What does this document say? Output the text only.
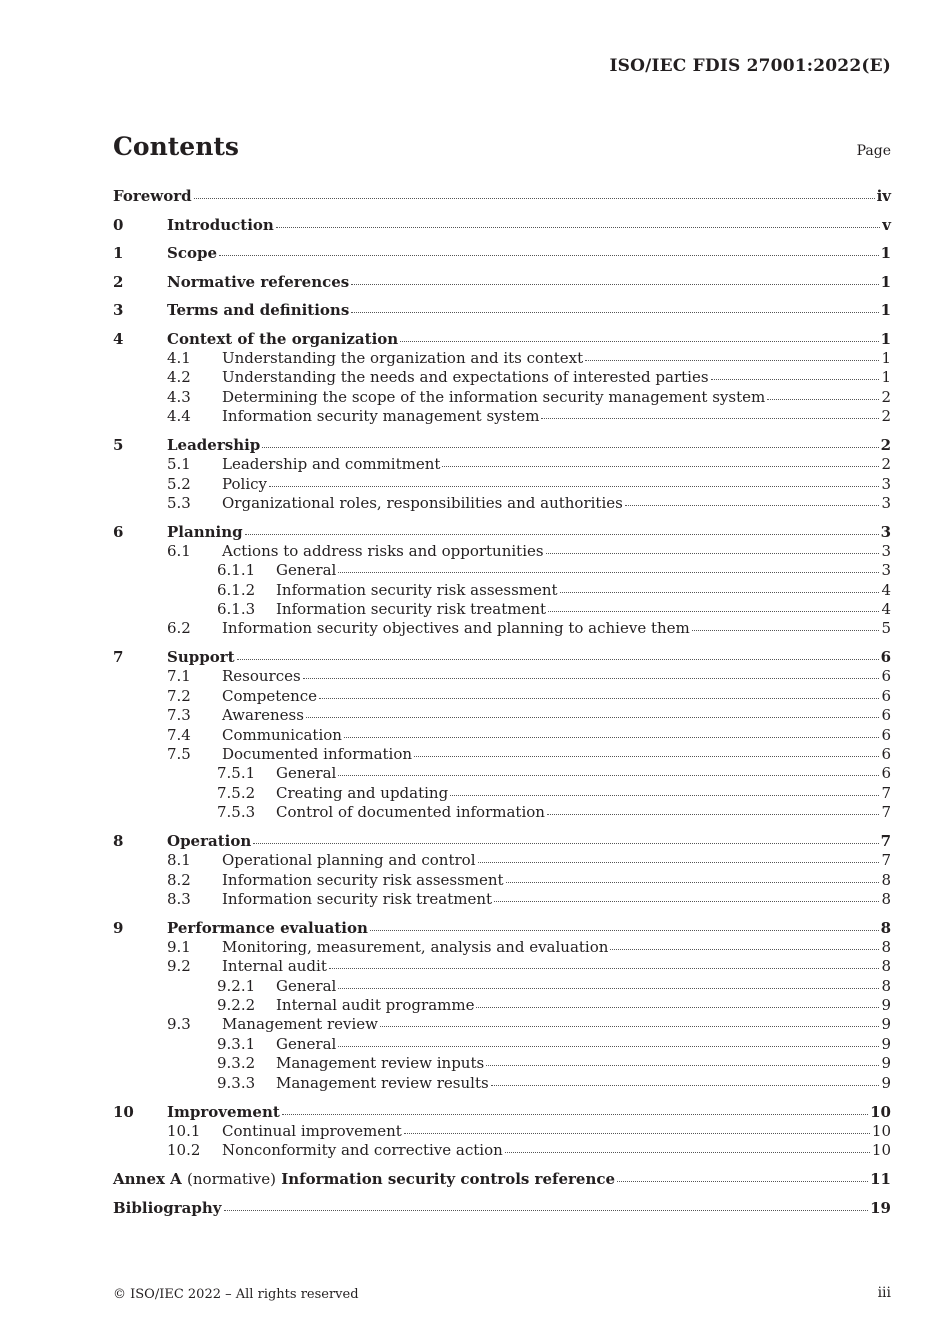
ISO/IEC FDIS 27001:2022(E)
Contents	Page
Foreword	iv
0	Introduction	v
1	Scope	1
2	Normative references	1
3	Terms and definitions	1
4	Context of the organization	1
4.1	Understanding the organization and its context	1
4.2	Understanding the needs and expectations of interested parties	1
4.3	Determining the scope of the information security management system	2
4.4	Information security management system	2
5	Leadership	2
5.1	Leadership and commitment	2
5.2	Policy	3
5.3	Organizational roles, responsibilities and authorities	3
6	Planning	3
6.1	Actions to address risks and opportunities	3
6.1.1	General	3
6.1.2	Information security risk assessment	4
6.1.3	Information security risk treatment	4
6.2	Information security objectives and planning to achieve them	5
7	Support	6
7.1	Resources	6
7.2	Competence	6
7.3	Awareness	6
7.4	Communication	6
7.5	Documented information	6
7.5.1	General	6
7.5.2	Creating and updating	7
7.5.3	Control of documented information	7
8	Operation	7
8.1	Operational planning and control	7
8.2	Information security risk assessment	8
8.3	Information security risk treatment	8
9	Performance evaluation	8
9.1	Monitoring, measurement, analysis and evaluation	8
9.2	Internal audit	8
9.2.1	General	8
9.2.2	Internal audit programme	9
9.3	Management review	9
9.3.1	General	9
9.3.2	Management review inputs	9
9.3.3	Management review results	9
10	Improvement	10
10.1	Continual improvement	10
10.2	Nonconformity and corrective action	10
Annex A (normative) Information security controls reference	11
Bibliography	19
© ISO/IEC 2022 – All rights reserved	iii
